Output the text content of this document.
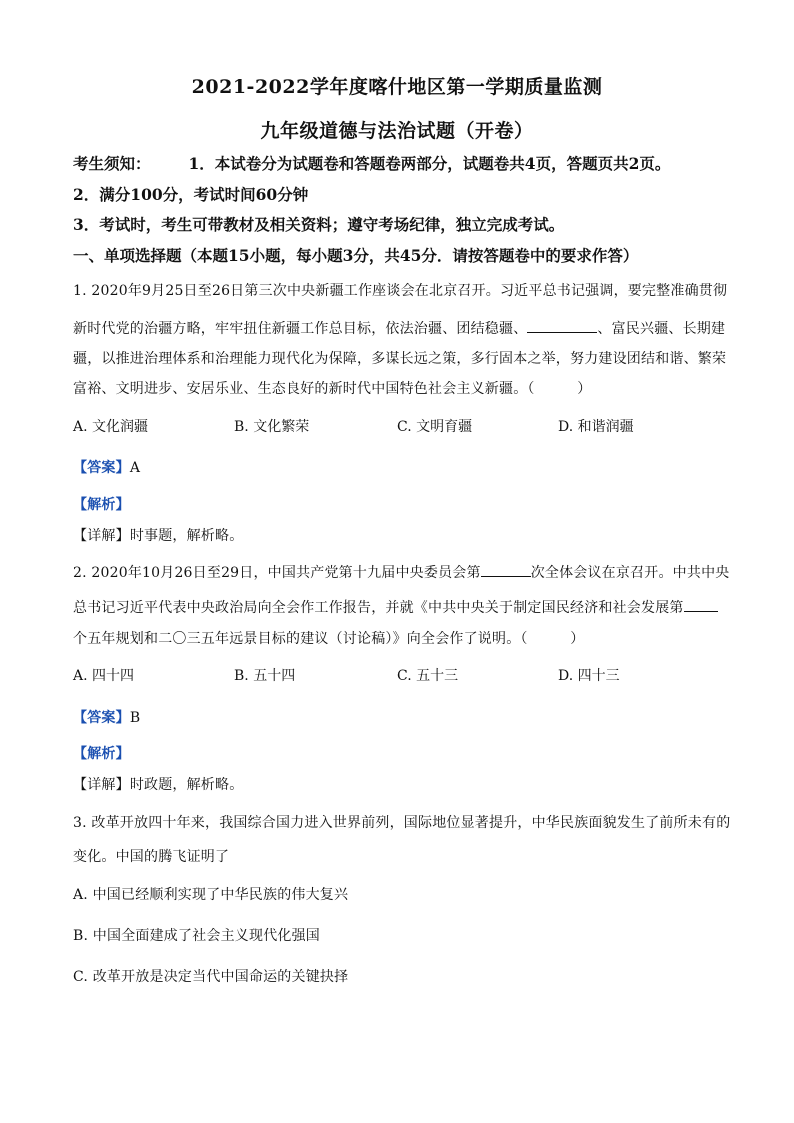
2021-2022学年度喀什地区第一学期质量监测
九年级道德与法治试题（开卷）
考生须知： 1．本试卷分为试题卷和答题卷两部分，试题卷共4页，答题页共2页。
2．满分100分，考试时间60分钟
3．考试时，考生可带教材及相关资料；遵守考场纪律，独立完成考试。
一、单项选择题（本题15小题，每小题3分，共45分．请按答题卷中的要求作答）
1. 2020年9月25日至26日第三次中央新疆工作座谈会在北京召开。习近平总书记强调，要完整准确贯彻
新时代党的治疆方略，牢牢扭住新疆工作总目标，依法治疆、团结稳疆、	、富民兴疆、长期建
疆，以推进治理体系和治理能力现代化为保障，多谋长远之策，多行固本之举，努力建设团结和谐、繁荣
富裕、文明进步、安居乐业、生态良好的新时代中国特色社会主义新疆。（　　　）
A. 文化润疆	B. 文化繁荣	C. 文明育疆	D. 和谐润疆
【答案】A
【解析】
【详解】时事题，解析略。
2. 2020年10月26日至29日，中国共产党第十九届中央委员会第	次全体会议在京召开。中共中央
总书记习近平代表中央政治局向全会作工作报告，并就《中共中央关于制定国民经济和社会发展第
个五年规划和二〇三五年远景目标的建议（讨论稿）》向全会作了说明。（　　　）
A. 四十四	B. 五十四	C. 五十三	D. 四十三
【答案】B
【解析】
【详解】时政题，解析略。
3. 改革开放四十年来，我国综合国力进入世界前列，国际地位显著提升，中华民族面貌发生了前所未有的
变化。中国的腾飞证明了
A. 中国已经顺利实现了中华民族的伟大复兴
B. 中国全面建成了社会主义现代化强国
C. 改革开放是决定当代中国命运的关键抉择
